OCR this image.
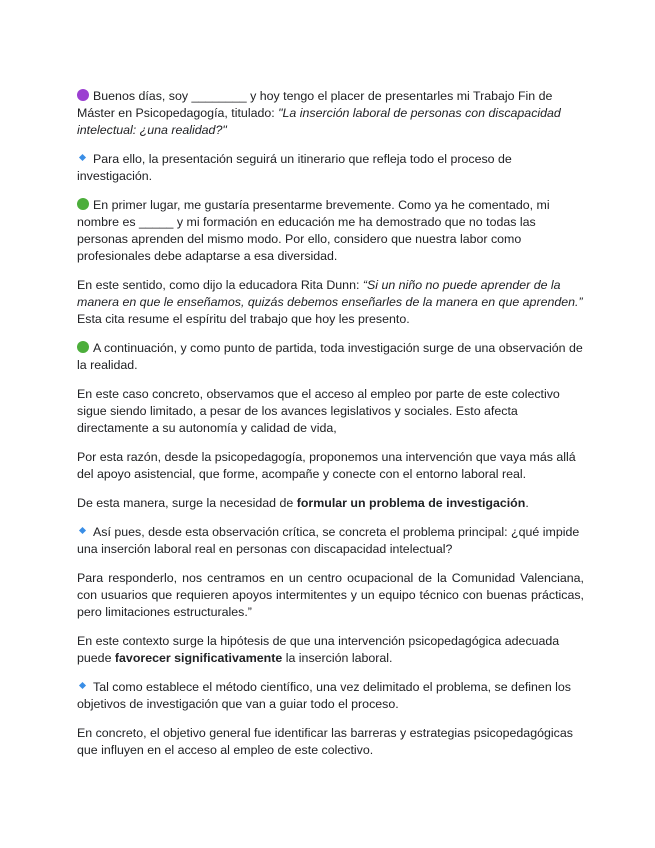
Buenos días, soy ________ y hoy tengo el placer de presentarles mi Trabajo Fin de Máster en Psicopedagogía, titulado: "La inserción laboral de personas con discapacidad intelectual: ¿una realidad?"

Para ello, la presentación seguirá un itinerario que refleja todo el proceso de investigación.

En primer lugar, me gustaría presentarme brevemente. Como ya he comentado, mi nombre es _____ y mi formación en educación me ha demostrado que no todas las personas aprenden del mismo modo. Por ello, considero que nuestra labor como profesionales debe adaptarse a esa diversidad.

En este sentido, como dijo la educadora Rita Dunn: “Si un niño no puede aprender de la manera en que le enseñamos, quizás debemos enseñarles de la manera en que aprenden.” Esta cita resume el espíritu del trabajo que hoy les presento.

A continuación, y como punto de partida, toda investigación surge de una observación de la realidad.

En este caso concreto, observamos que el acceso al empleo por parte de este colectivo sigue siendo limitado, a pesar de los avances legislativos y sociales. Esto afecta directamente a su autonomía y calidad de vida,

Por esta razón, desde la psicopedagogía, proponemos una intervención que vaya más allá del apoyo asistencial, que forme, acompañe y conecte con el entorno laboral real.

De esta manera, surge la necesidad de formular un problema de investigación.

Así pues, desde esta observación crítica, se concreta el problema principal: ¿qué impide una inserción laboral real en personas con discapacidad intelectual?

Para responderlo, nos centramos en un centro ocupacional de la Comunidad Valenciana, con usuarios que requieren apoyos intermitentes y un equipo técnico con buenas prácticas, pero limitaciones estructurales.”

En este contexto surge la hipótesis de que una intervención psicopedagógica adecuada puede favorecer significativamente la inserción laboral.

Tal como establece el método científico, una vez delimitado el problema, se definen los objetivos de investigación que van a guiar todo el proceso.

En concreto, el objetivo general fue identificar las barreras y estrategias psicopedagógicas que influyen en el acceso al empleo de este colectivo.
